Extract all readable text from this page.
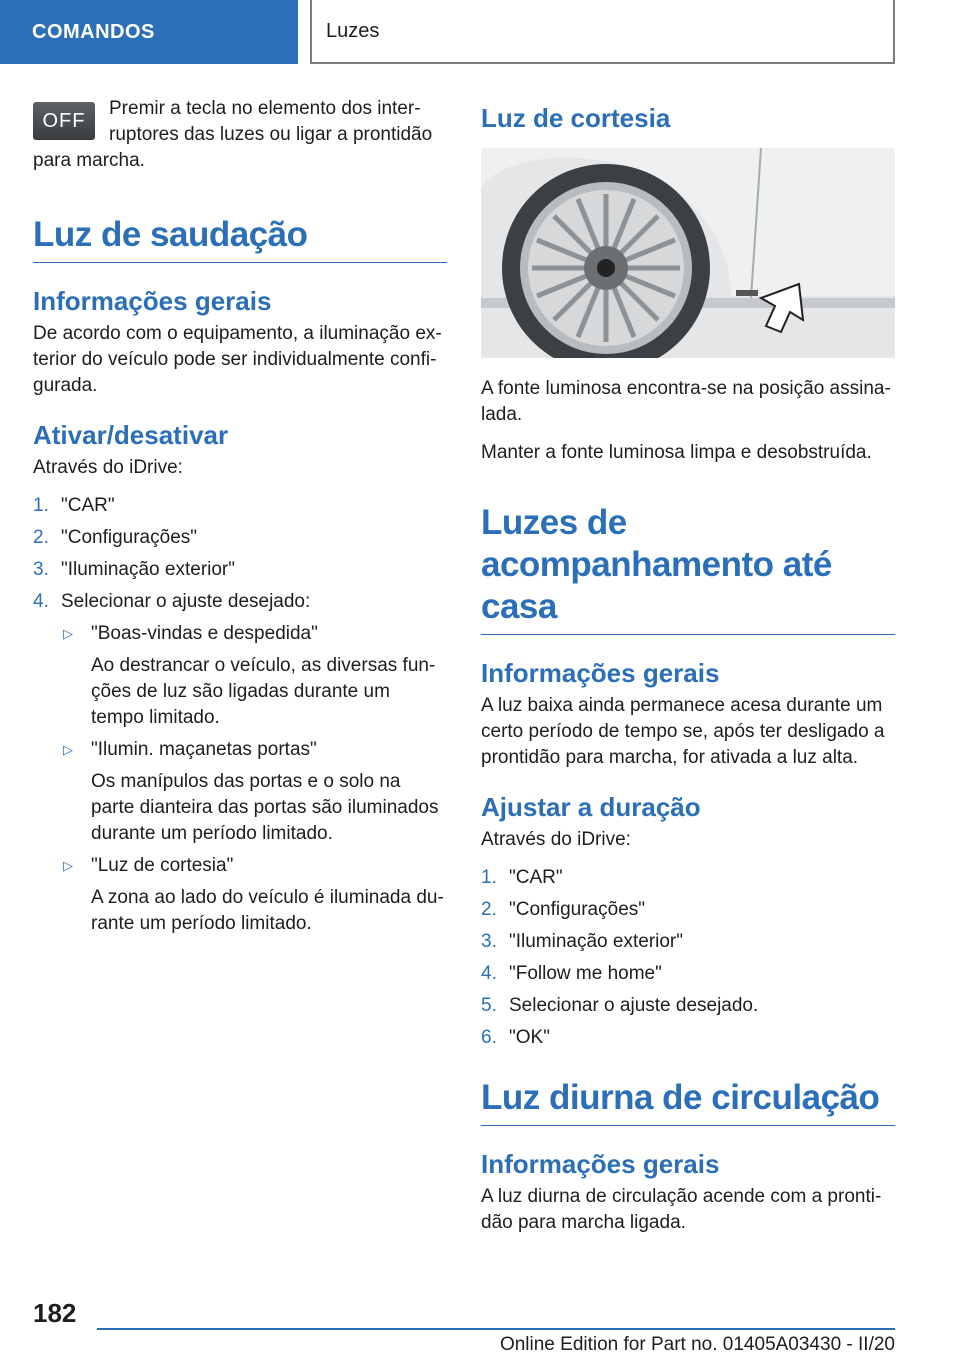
COMANDOS	Luzes
OFF

Premir a tecla no elemento dos interruptores das luzes ou ligar a prontidão para marcha.

Luz de saudação
Informações gerais

De acordo com o equipamento, a iluminação exterior do veículo pode ser individualmente configurada.

Ativar/desativar

Através do iDrive:

1. "CAR"
2. "Configurações"
3. "Iluminação exterior"
4. Selecionar o ajuste desejado:
▷ "Boas-vindas e despedida"
Ao destrancar o veículo, as diversas funções de luz são ligadas durante um tempo limitado.
▷ "Ilumin. maçanetas portas"
Os manípulos das portas e o solo na parte dianteira das portas são iluminados durante um período limitado.
▷ "Luz de cortesia"
A zona ao lado do veículo é iluminada durante um período limitado.
Luz de cortesia

A fonte luminosa encontra-se na posição assinalada.

Manter a fonte luminosa limpa e desobstruída.

Luzes de acompanhamento até casa
Informações gerais

A luz baixa ainda permanece acesa durante um certo período de tempo se, após ter desligado a prontidão para marcha, for ativada a luz alta.

Ajustar a duração

Através do iDrive:

1. "CAR"
2. "Configurações"
3. "Iluminação exterior"
4. "Follow me home"
5. Selecionar o ajuste desejado.
6. "OK"
Luz diurna de circulação
Informações gerais

A luz diurna de circulação acende com a prontidão para marcha ligada.

182
Online Edition for Part no. 01405A03430 - II/20
